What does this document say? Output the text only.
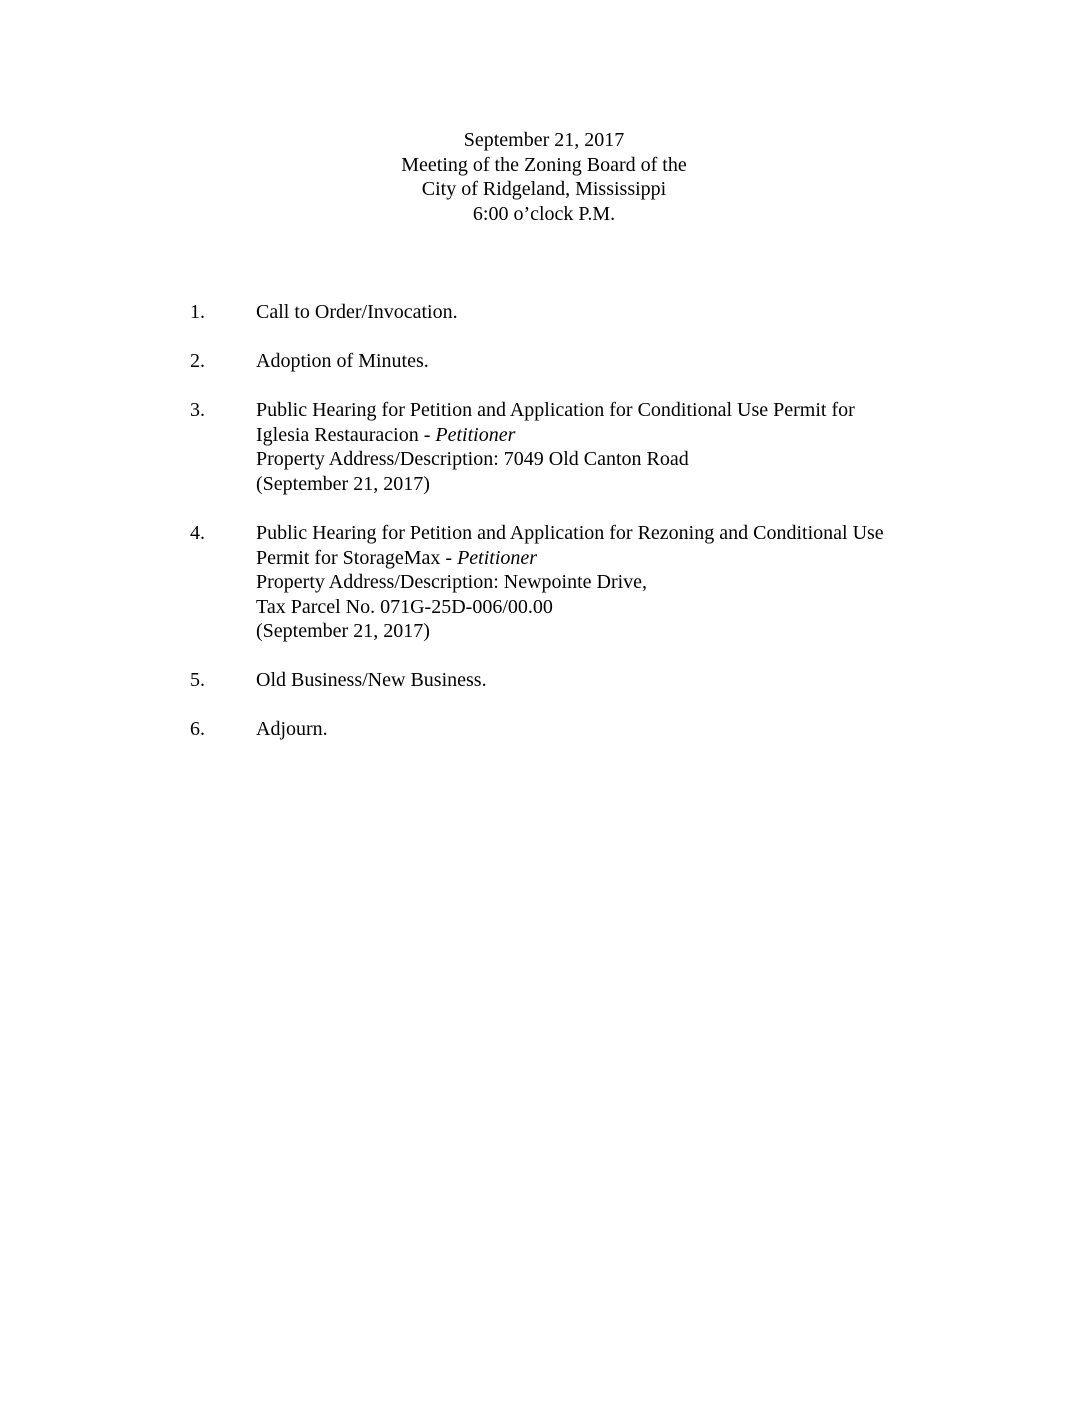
September 21, 2017
Meeting of the Zoning Board of the
City of Ridgeland, Mississippi
6:00 o’clock P.M.
1.	Call to Order/Invocation.
2.	Adoption of Minutes.
3.	Public Hearing for Petition and Application for Conditional Use Permit for
Iglesia Restauracion - Petitioner
Property Address/Description: 7049 Old Canton Road
(September 21, 2017)
4.	Public Hearing for Petition and Application for Rezoning and Conditional Use
Permit for StorageMax - Petitioner
Property Address/Description: Newpointe Drive,
Tax Parcel No. 071G-25D-006/00.00
(September 21, 2017)
5.	Old Business/New Business.
6.	Adjourn.
